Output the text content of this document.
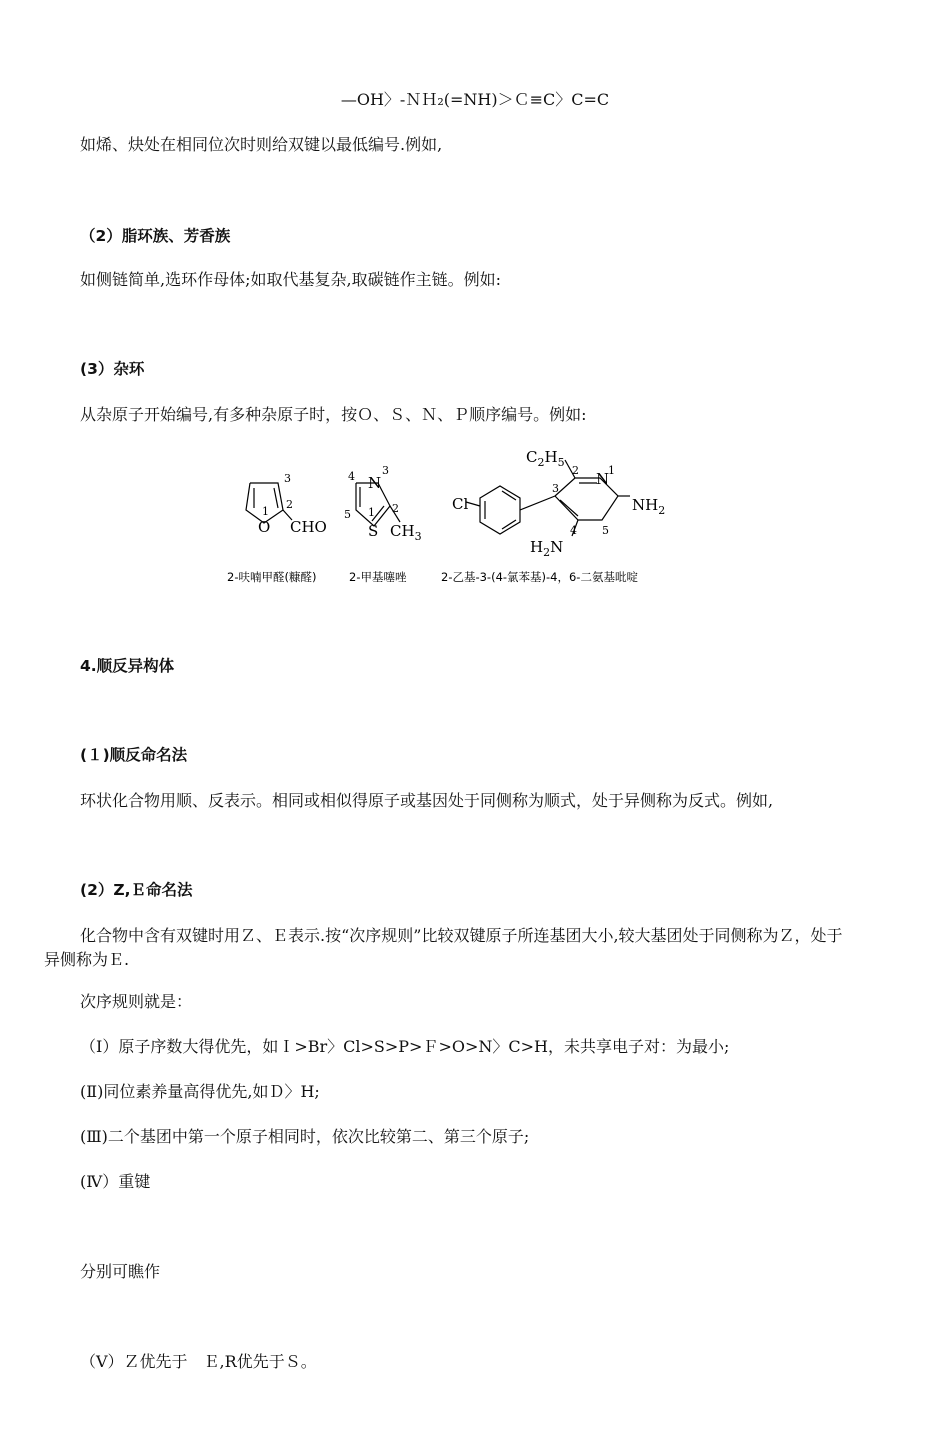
—OH〉-ＮＨ₂(=NH)＞Ｃ≡C〉C=C
如烯、炔处在相同位次时则给双键以最低编号.例如,
（2）脂环族、芳香族
如侧链简单,选环作母体;如取代基复杂,取碳链作主链。例如:
(3）杂环
从杂原子开始编号,有多种杂原子时，按Ｏ、Ｓ、Ｎ、Ｐ顺序编号。例如:
3
2
1
3
4
2
5 1
2	1
3
4 5
O CHO
N
S $CH_3$
$C_2H_5$
N
$NH_2$
Cl
$H_2N$
2-呋喃甲醛(糠醛)	2-甲基噻唑	2-乙基-3-(4-氯苯基)-4，6-二氨基吡啶
4.顺反异构体
(１)顺反命名法
环状化合物用顺、反表示。相同或相似得原子或基因处于同侧称为顺式，处于异侧称为反式。例如,
(2）Z,Ｅ命名法
化合物中含有双键时用Ｚ、Ｅ表示.按“次序规则”比较双键原子所连基团大小,较大基团处于同侧称为Ｚ，处于异侧称为Ｅ.
次序规则就是：
（Ⅰ）原子序数大得优先，如Ｉ>Br〉Cl>S>P>Ｆ>O>N〉C>H，未共享电子对：为最小;
(Ⅱ)同位素养量高得优先,如Ｄ〉H;
(Ⅲ)二个基团中第一个原子相同时，依次比较第二、第三个原子;
(Ⅳ）重键
分别可瞧作
（Ⅴ）Ｚ优先于　Ｅ,R优先于Ｓ。
